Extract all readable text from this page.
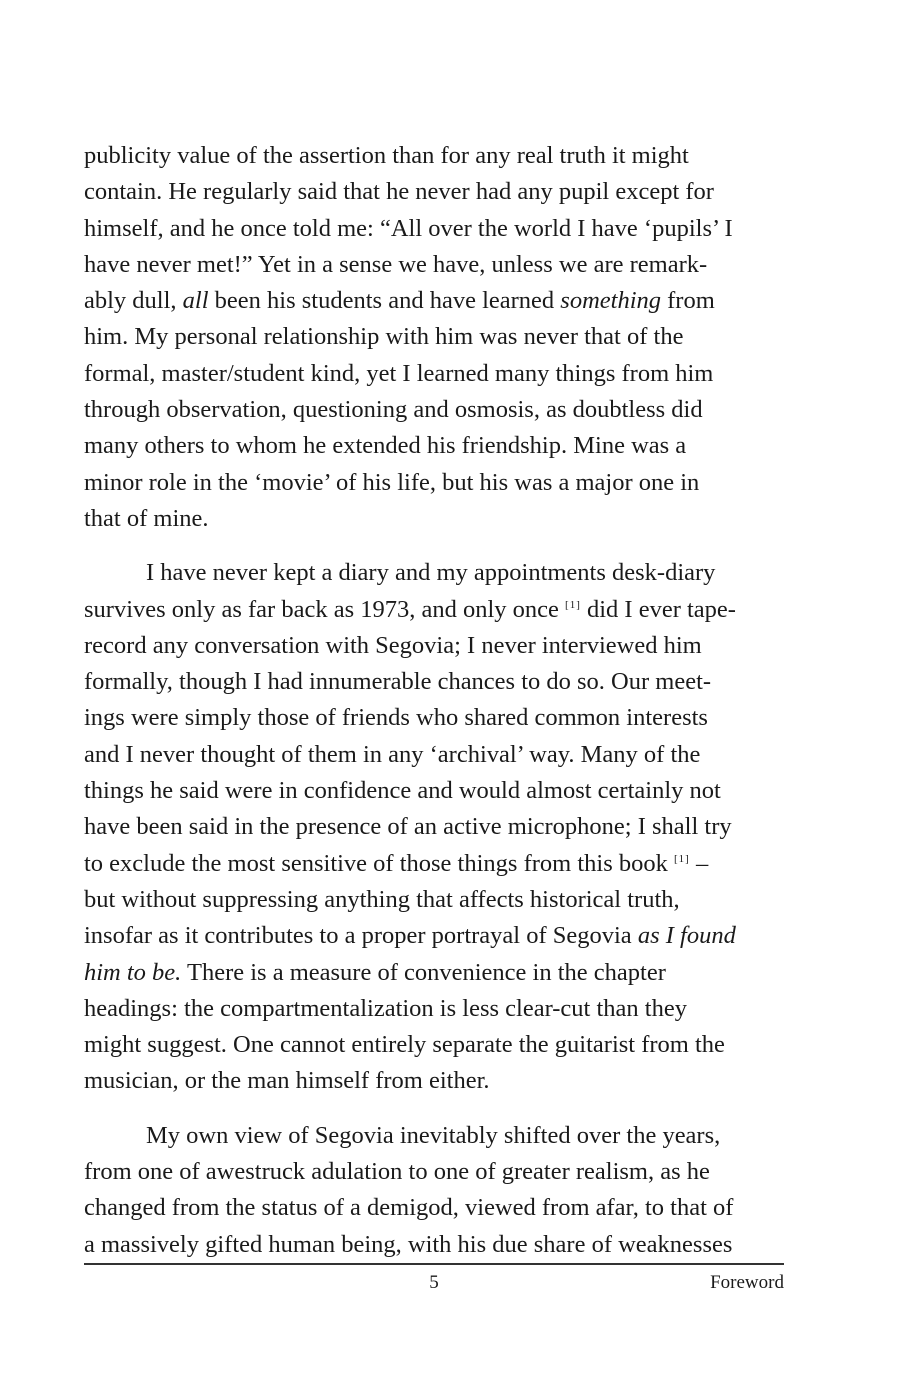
publicity value of the assertion than for any real truth it might
contain. He regularly said that he never had any pupil except for
himself, and he once told me: “All over the world I have ‘pupils’ I
have never met!” Yet in a sense we have, unless we are remark-
ably dull, all been his students and have learned something from
him. My personal relationship with him was never that of the
formal, master/student kind, yet I learned many things from him
through observation, questioning and osmosis, as doubtless did
many others to whom he extended his friendship. Mine was a
minor role in the ‘movie’ of his life, but his was a major one in
that of mine.
I have never kept a diary and my appointments desk-diary
survives only as far back as 1973, and only once [1] did I ever tape-
record any conversation with Segovia; I never interviewed him
formally, though I had innumerable chances to do so. Our meet-
ings were simply those of friends who shared common interests
and I never thought of them in any ‘archival’ way. Many of the
things he said were in confidence and would almost certainly not
have been said in the presence of an active microphone; I shall try
to exclude the most sensitive of those things from this book [1] –
but without suppressing anything that affects historical truth,
insofar as it contributes to a proper portrayal of Segovia as I found
him to be. There is a measure of convenience in the chapter
headings: the compartmentalization is less clear-cut than they
might suggest. One cannot entirely separate the guitarist from the
musician, or the man himself from either.
My own view of Segovia inevitably shifted over the years,
from one of awestruck adulation to one of greater realism, as he
changed from the status of a demigod, viewed from afar, to that of
a massively gifted human being, with his due share of weaknesses
5	Foreword
